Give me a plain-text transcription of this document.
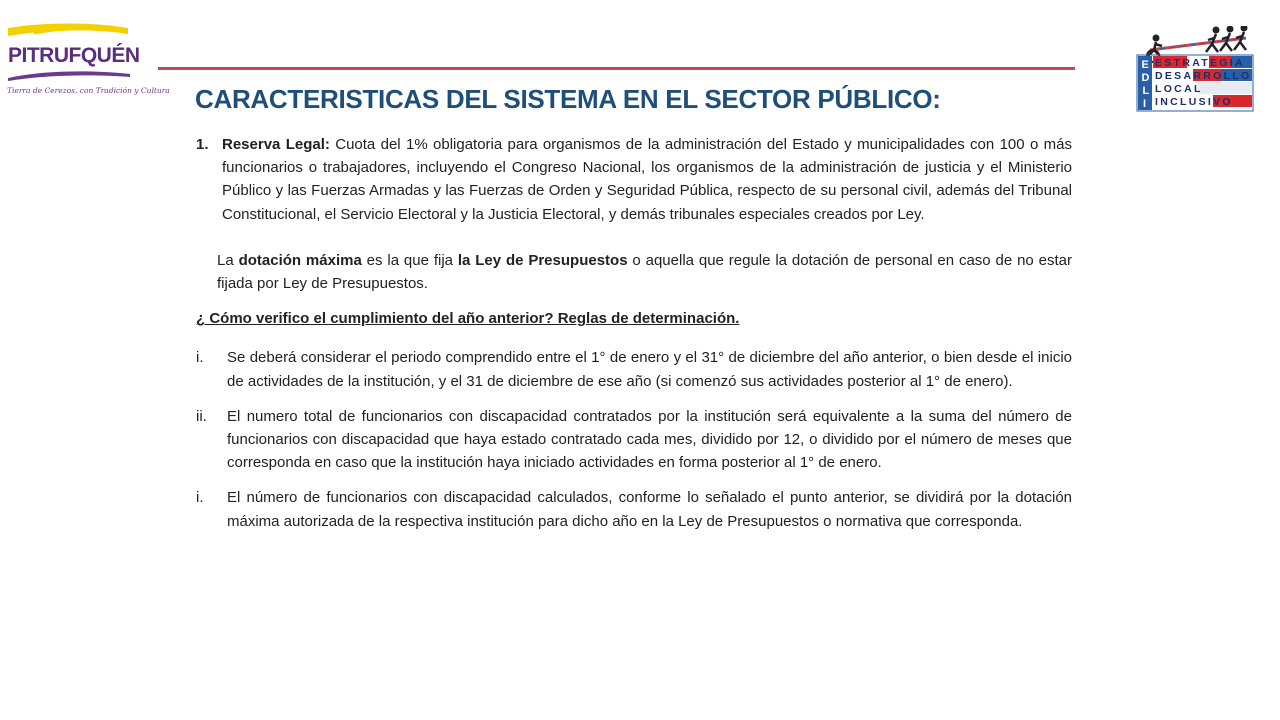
PITRUFQUÉN
Tierra de Cerezos, con Tradición y Cultura
E
D
L
I
ESTRATEGIA
DESARROLLO
LOCAL
INCLUSIVO
CARACTERISTICAS DEL SISTEMA EN EL SECTOR PÚBLICO:
1. Reserva Legal: Cuota del 1% obligatoria para organismos de la administración del Estado y municipalidades con 100 o más funcionarios o trabajadores, incluyendo el Congreso Nacional, los organismos de la administración de justicia y el Ministerio Público y las Fuerzas Armadas y las Fuerzas de Orden y Seguridad Pública, respecto de su personal civil, además del Tribunal Constitucional, el Servicio Electoral y la Justicia Electoral, y demás tribunales especiales creados por Ley.
La dotación máxima es la que fija la Ley de Presupuestos o aquella que regule la dotación de personal en caso de no estar fijada por Ley de Presupuestos.
¿ Cómo verifico el cumplimiento del año anterior? Reglas de determinación.
i.	Se deberá considerar el periodo comprendido entre el 1° de enero y el 31° de diciembre del año anterior, o bien desde el inicio de actividades de la institución, y el 31 de diciembre de ese año (si comenzó sus actividades posterior al 1° de enero).
ii.	El numero total de funcionarios con discapacidad contratados por la institución será equivalente a la suma del número de funcionarios con discapacidad que haya estado contratado cada mes, dividido por 12, o dividido por el número de meses que corresponda en caso que la institución haya iniciado actividades en forma posterior al 1° de enero.
i.	El número de funcionarios con discapacidad calculados, conforme lo señalado el punto anterior, se dividirá por la dotación máxima autorizada de la respectiva institución para dicho año en la Ley de Presupuestos o normativa que corresponda.
